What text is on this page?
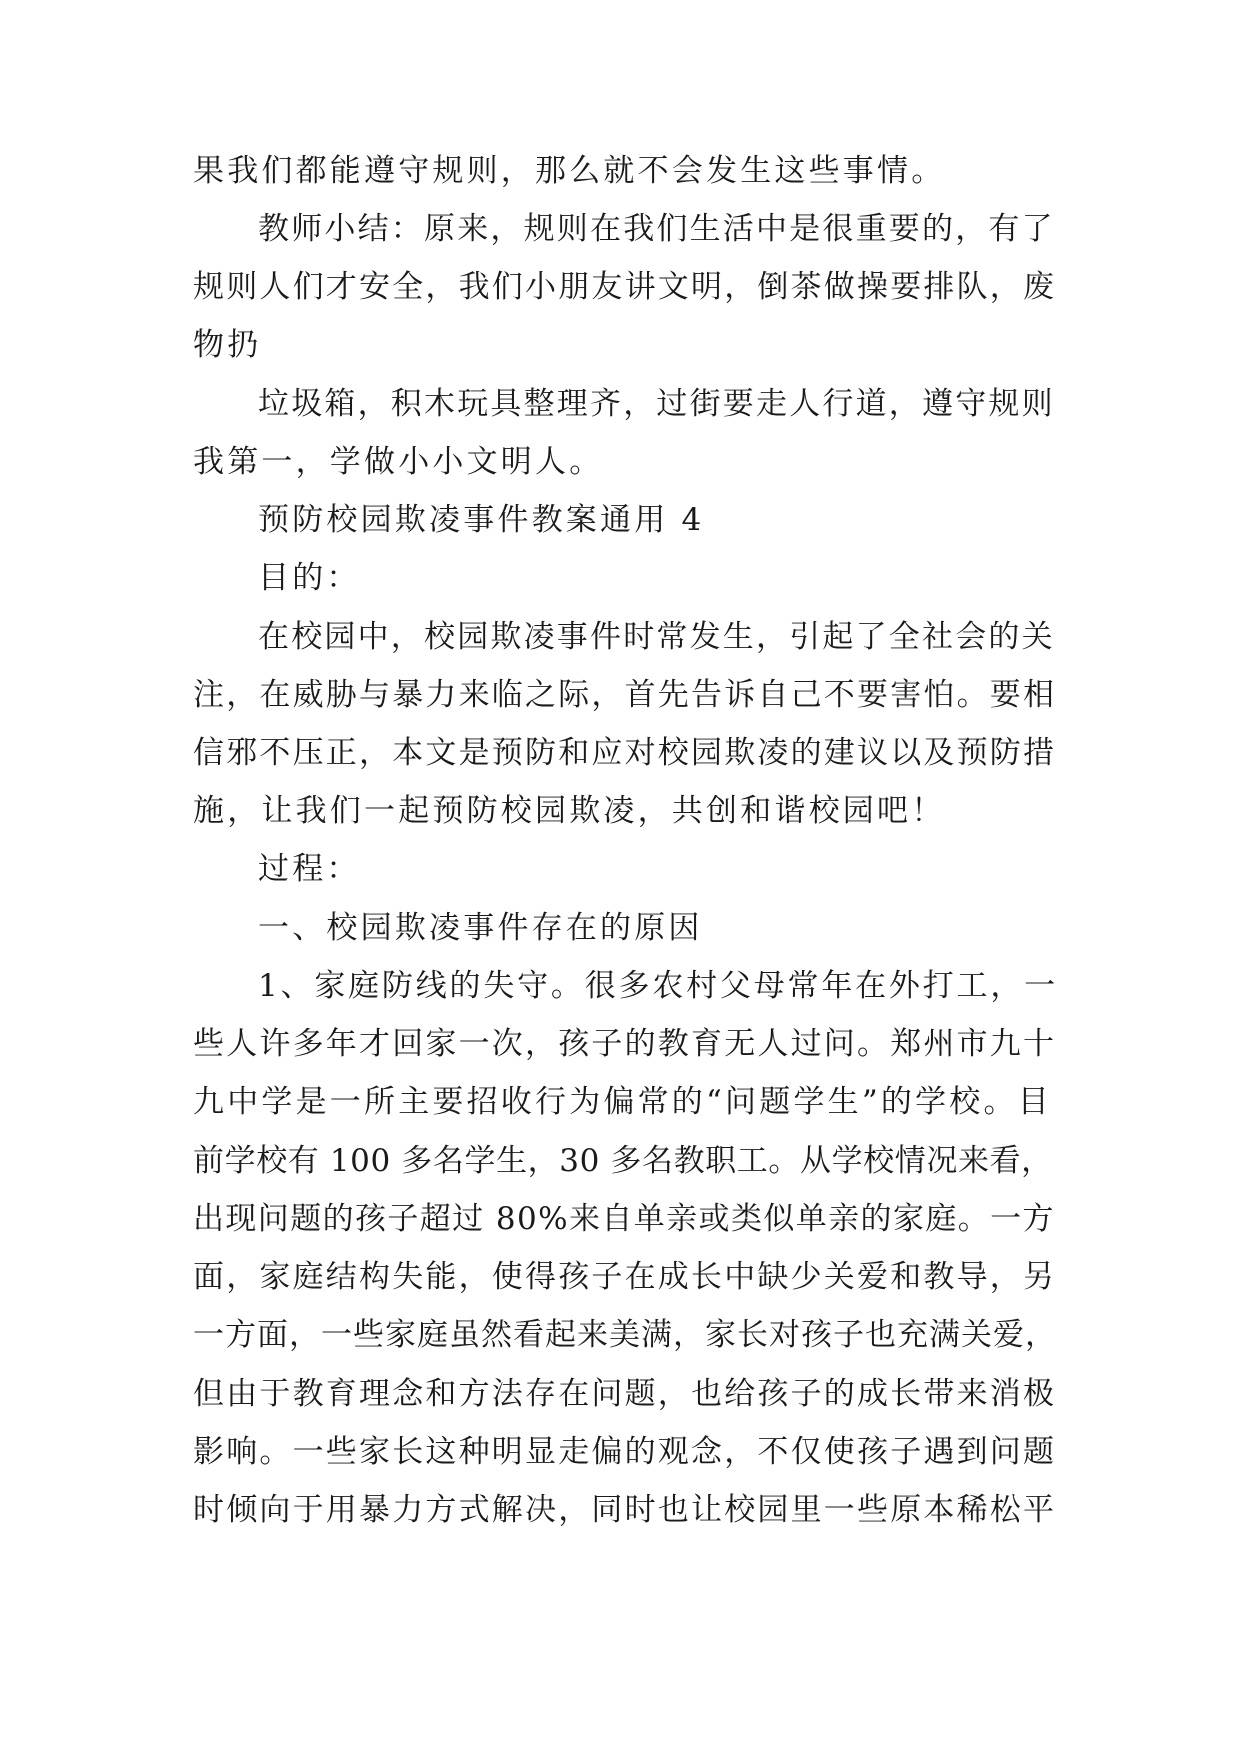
果我们都能遵守规则，那么就不会发生这些事情。

教师小结：原来，规则在我们生活中是很重要的，有了

规则人们才安全，我们小朋友讲文明，倒茶做操要排队，废

物扔

垃圾箱，积木玩具整理齐，过街要走人行道，遵守规则

我第一，学做小小文明人。

预防校园欺凌事件教案通用 4

目的：

在校园中，校园欺凌事件时常发生，引起了全社会的关

注，在威胁与暴力来临之际，首先告诉自己不要害怕。要相

信邪不压正，本文是预防和应对校园欺凌的建议以及预防措

施，让我们一起预防校园欺凌，共创和谐校园吧！

过程：

一、校园欺凌事件存在的原因

1、家庭防线的失守。很多农村父母常年在外打工，一

些人许多年才回家一次，孩子的教育无人过问。郑州市九十

九中学是一所主要招收行为偏常的“问题学生”的学校。目

前学校有 100 多名学生，30 多名教职工。从学校情况来看，

出现问题的孩子超过 80%来自单亲或类似单亲的家庭。一方

面，家庭结构失能，使得孩子在成长中缺少关爱和教导，另

一方面，一些家庭虽然看起来美满，家长对孩子也充满关爱，

但由于教育理念和方法存在问题，也给孩子的成长带来消极

影响。一些家长这种明显走偏的观念，不仅使孩子遇到问题

时倾向于用暴力方式解决，同时也让校园里一些原本稀松平
